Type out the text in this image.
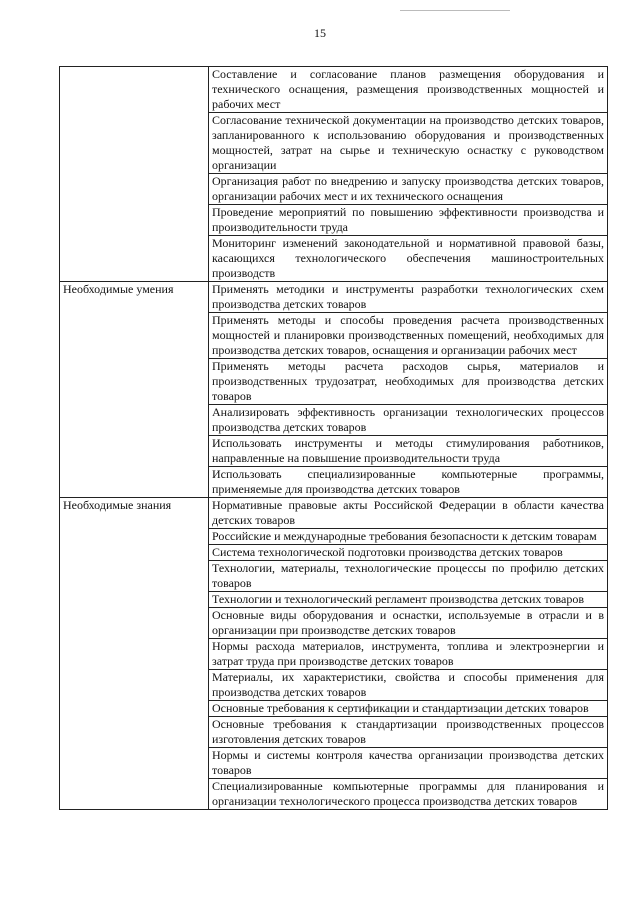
15
	Составление и согласование планов размещения оборудования и технического оснащения, размещения производственных мощностей и рабочих мест
	Согласование технической документации на производство детских товаров, запланированного к использованию оборудования и производственных мощностей, затрат на сырье и техническую оснастку с руководством организации
	Организация работ по внедрению и запуску производства детских товаров, организации рабочих мест и их технического оснащения
	Проведение мероприятий по повышению эффективности производства и производительности труда
	Мониторинг изменений законодательной и нормативной правовой базы, касающихся технологического обеспечения машиностроительных производств

Необходимые умения	Применять методики и инструменты разработки технологических схем производства детских товаров
	Применять методы и способы проведения расчета производственных мощностей и планировки производственных помещений, необходимых для производства детских товаров, оснащения и организации рабочих мест
	Применять методы расчета расходов сырья, материалов и производственных трудозатрат, необходимых для производства детских товаров
	Анализировать эффективность организации технологических процессов производства детских товаров
	Использовать инструменты и методы стимулирования работников, направленные на повышение производительности труда
	Использовать специализированные компьютерные программы, применяемые для производства детских товаров

Необходимые знания	Нормативные правовые акты Российской Федерации в области качества детских товаров
	Российские и международные требования безопасности к детским товарам
	Система технологической подготовки производства детских товаров
	Технологии, материалы, технологические процессы по профилю детских товаров
	Технологии и технологический регламент производства детских товаров
	Основные виды оборудования и оснастки, используемые в отрасли и в организации при производстве детских товаров
	Нормы расхода материалов, инструмента, топлива и электроэнергии и затрат труда при производстве детских товаров
	Материалы, их характеристики, свойства и способы применения для производства детских товаров
	Основные требования к сертификации и стандартизации детских товаров
	Основные требования к стандартизации производственных процессов изготовления детских товаров
	Нормы и системы контроля качества организации производства детских товаров
	Специализированные компьютерные программы для планирования и организации технологического процесса производства детских товаров
